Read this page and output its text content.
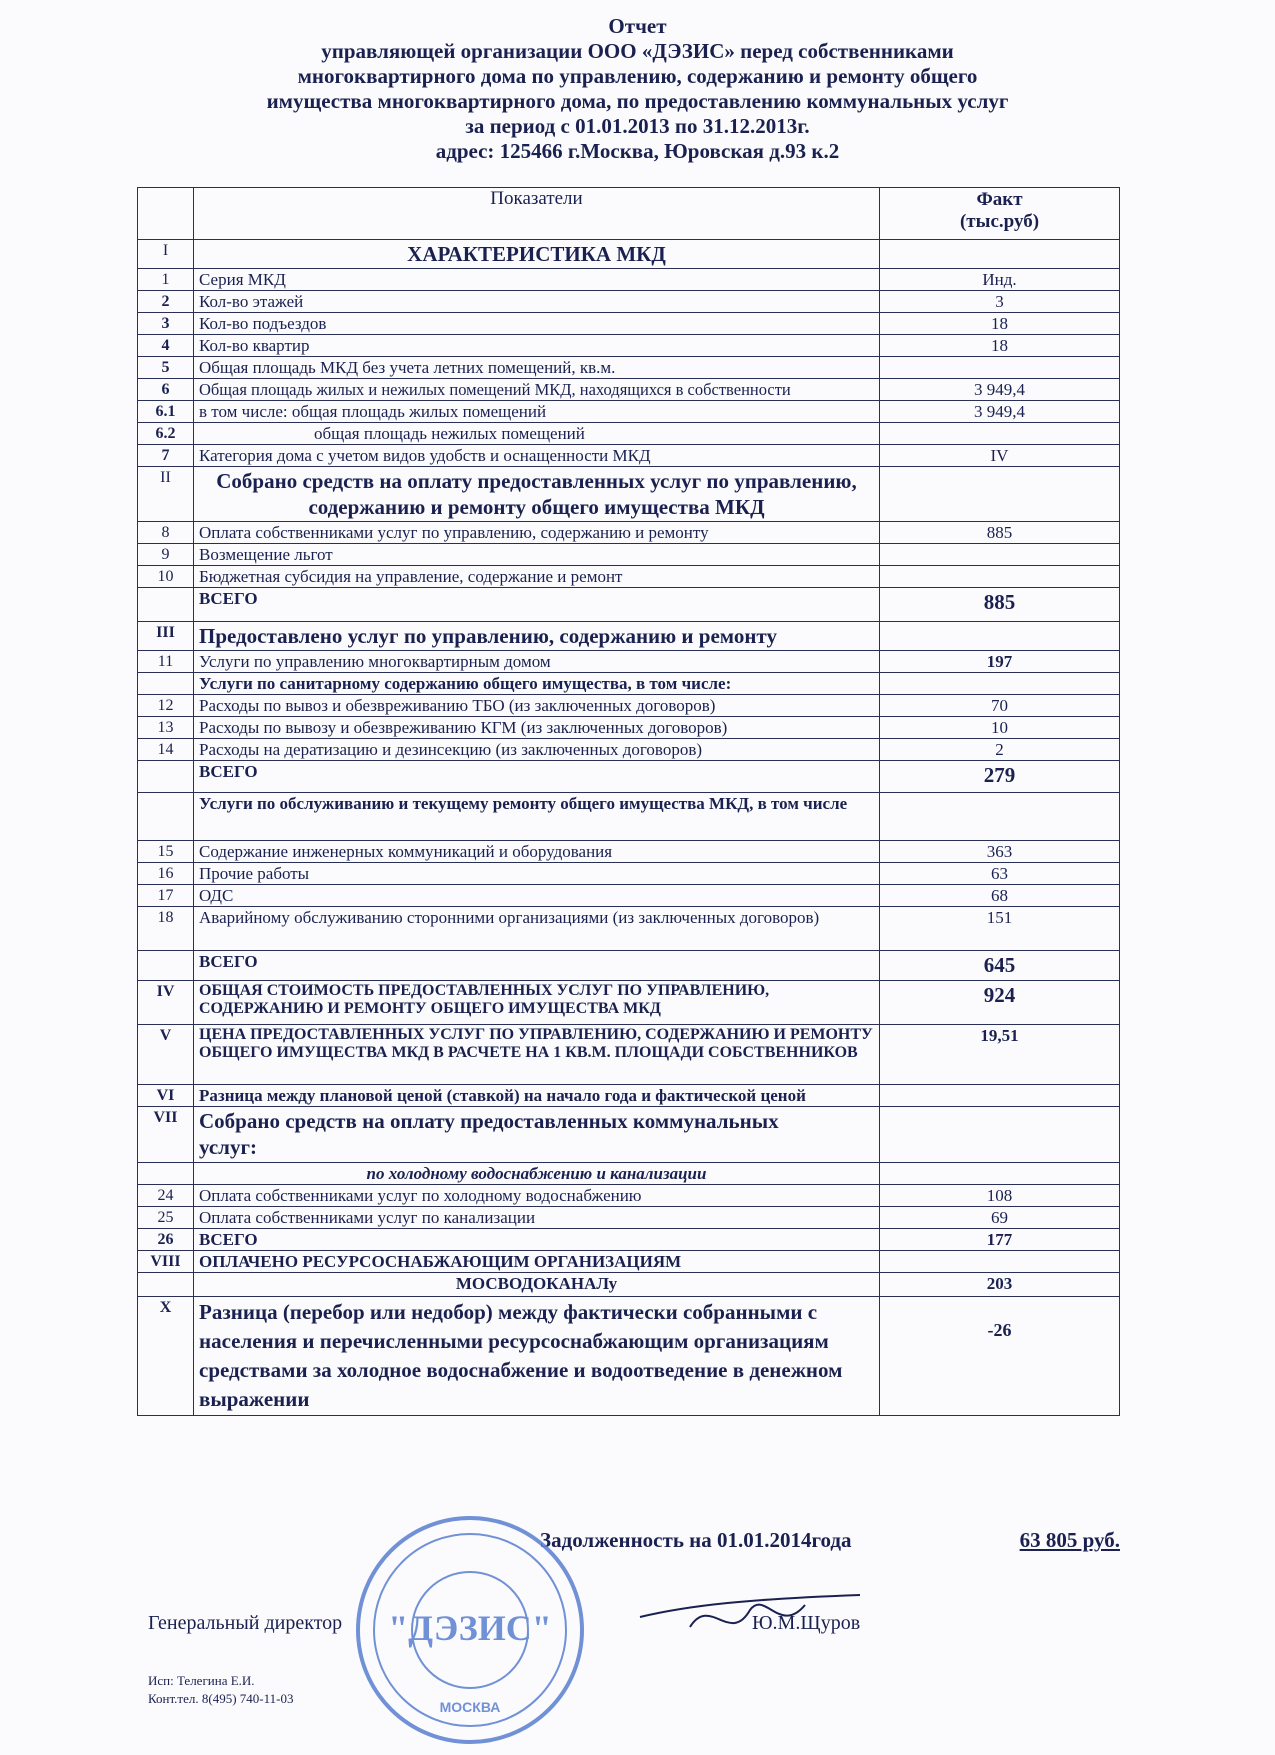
Отчет
управляющей организации ООО «ДЭЗИС» перед собственниками
многоквартирного дома по управлению, содержанию и ремонту общего
имущества многоквартирного дома, по предоставлению коммунальных услуг
за период с 01.01.2013 по 31.12.2013г.
адрес: 125466 г.Москва, Юровская д.93 к.2
	Показатели	Факт
(тыс.руб)

I	ХАРАКТЕРИСТИКА МКД	
1	Серия МКД	Инд.
2	Кол-во этажей	3
3	Кол-во подъездов	18
4	Кол-во квартир	18
5	Общая площадь МКД без учета летних помещений, кв.м.	
6	Общая площадь жилых и нежилых помещений МКД, находящихся в собственности	3 949,4
6.1	в том числе: общая площадь жилых помещений	3 949,4
6.2	общая площадь нежилых помещений	
7	Категория дома с учетом видов удобств и оснащенности МКД	IV
II	Собрано средств на оплату предоставленных услуг по управлению, содержанию и ремонту общего имущества МКД	
8	Оплата собственниками услуг по управлению, содержанию и ремонту	885
9	Возмещение льгот	
10	Бюджетная субсидия на управление, содержание и ремонт	
	ВСЕГО	885
III	Предоставлено услуг по управлению, содержанию и ремонту	
11	Услуги по управлению многоквартирным домом	197
	Услуги по санитарному содержанию общего имущества, в том числе:	
12	Расходы по вывоз и обезвреживанию ТБО (из заключенных договоров)	70
13	Расходы по вывозу и обезвреживанию КГМ (из заключенных договоров)	10
14	Расходы на дератизацию и дезинсекцию (из заключенных договоров)	2
	ВСЕГО	279
	Услуги по обслуживанию и текущему ремонту общего имущества МКД, в том числе	
15	Содержание инженерных коммуникаций и оборудования	363
16	Прочие работы	63
17	ОДС	68
18	Аварийному обслуживанию сторонними организациями (из заключенных договоров)	151
	ВСЕГО	645
IV	ОБЩАЯ СТОИМОСТЬ ПРЕДОСТАВЛЕННЫХ УСЛУГ ПО УПРАВЛЕНИЮ, СОДЕРЖАНИЮ И РЕМОНТУ ОБЩЕГО ИМУЩЕСТВА МКД	924
V	ЦЕНА ПРЕДОСТАВЛЕННЫХ УСЛУГ ПО УПРАВЛЕНИЮ, СОДЕРЖАНИЮ И РЕМОНТУ ОБЩЕГО ИМУЩЕСТВА МКД В РАСЧЕТЕ НА 1 КВ.М. ПЛОЩАДИ СОБСТВЕННИКОВ	19,51
VI	Разница между плановой ценой (ставкой) на начало года и фактической ценой	
VII	Собрано средств на оплату предоставленных коммунальных услуг:	
	по холодному водоснабжению и канализации	
24	Оплата собственниками услуг по холодному водоснабжению	108
25	Оплата собственниками услуг по канализации	69
26	ВСЕГО	177
VIII	ОПЛАЧЕНО РЕСУРСОСНАБЖАЮЩИМ ОРГАНИЗАЦИЯМ	
	МОСВОДОКАНАЛу	203
X	Разница (перебор или недобор) между фактически собранными с населения и перечисленными ресурсоснабжающим организациям средствами за холодное водоснабжение и водоотведение в денежном выражении	-26
Задолженность на 01.01.2014года	63 805 руб.
"ДЭЗИС"
МОСКВА
Генеральный директор	Ю.М.Щуров
Исп: Телегина Е.И.
Конт.тел. 8(495) 740-11-03
